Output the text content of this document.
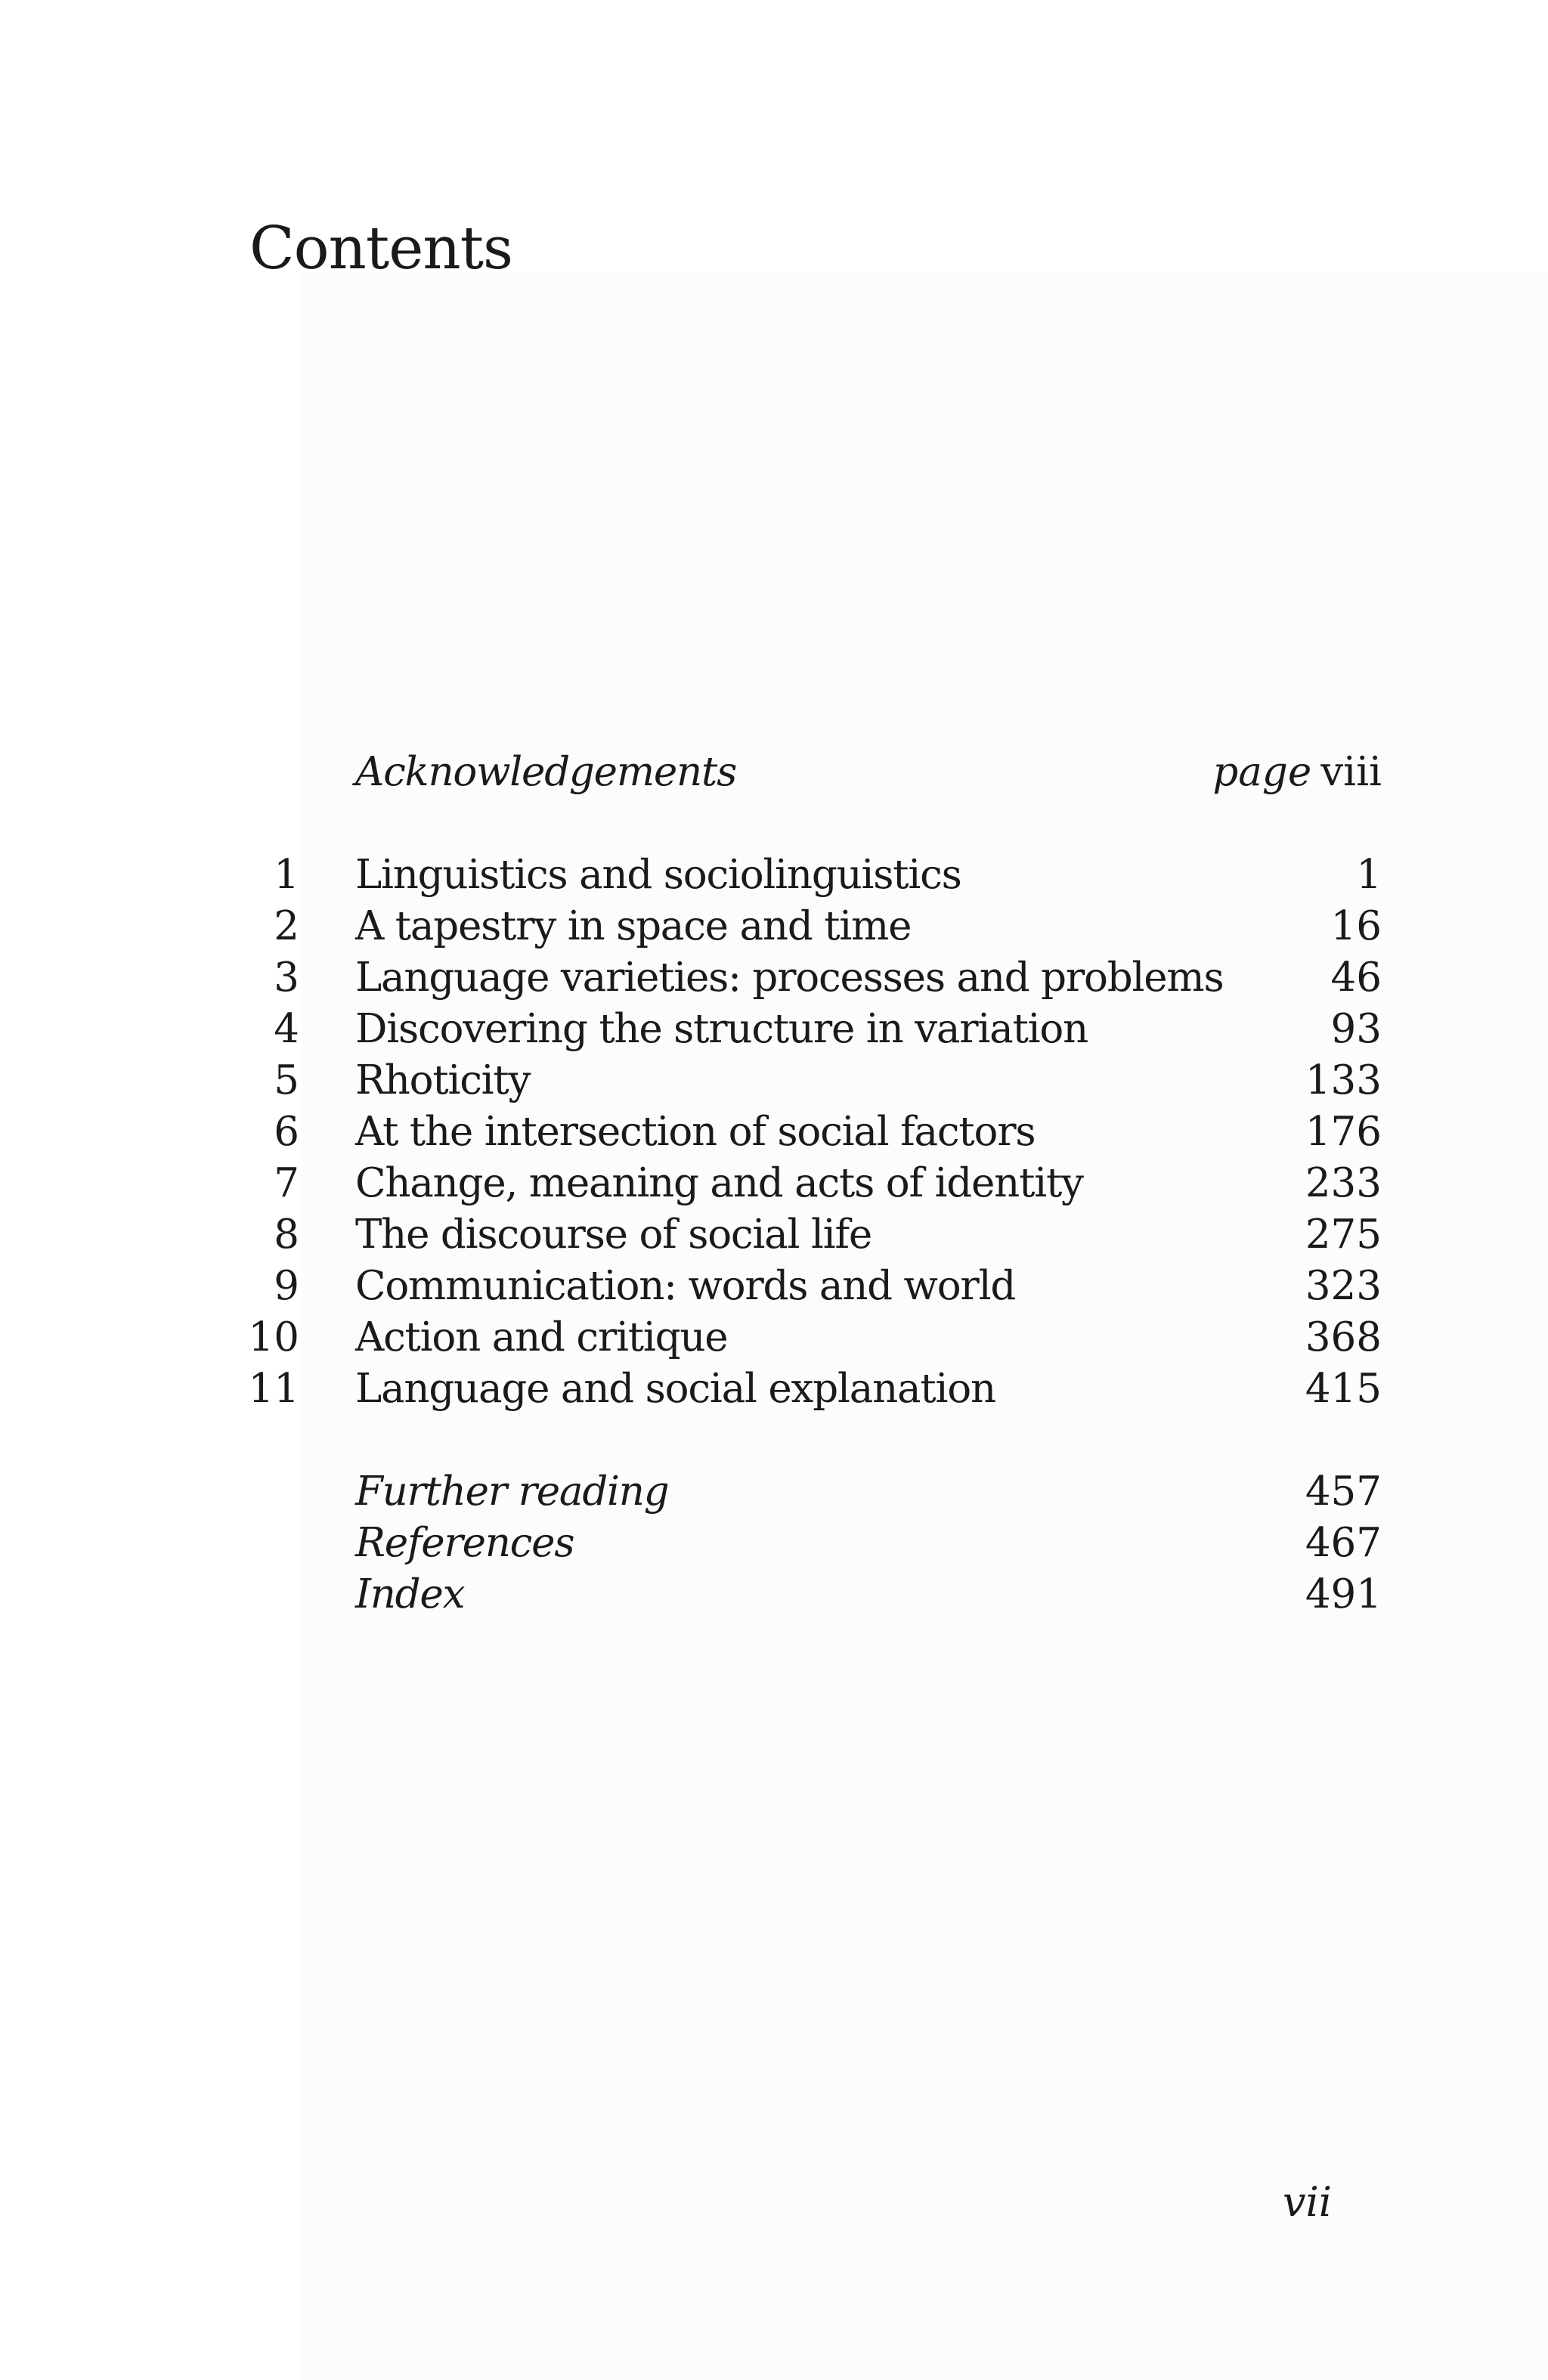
Contents
Acknowledgements	page viii
1 Linguistics and sociolinguistics	1
2 A tapestry in space and time	16
3 Language varieties: processes and problems	46
4 Discovering the structure in variation	93
5 Rhoticity	133
6 At the intersection of social factors	176
7 Change, meaning and acts of identity	233
8 The discourse of social life	275
9 Communication: words and world	323
10 Action and critique	368
11 Language and social explanation	415
Further reading	457
References	467
Index	491
vii
